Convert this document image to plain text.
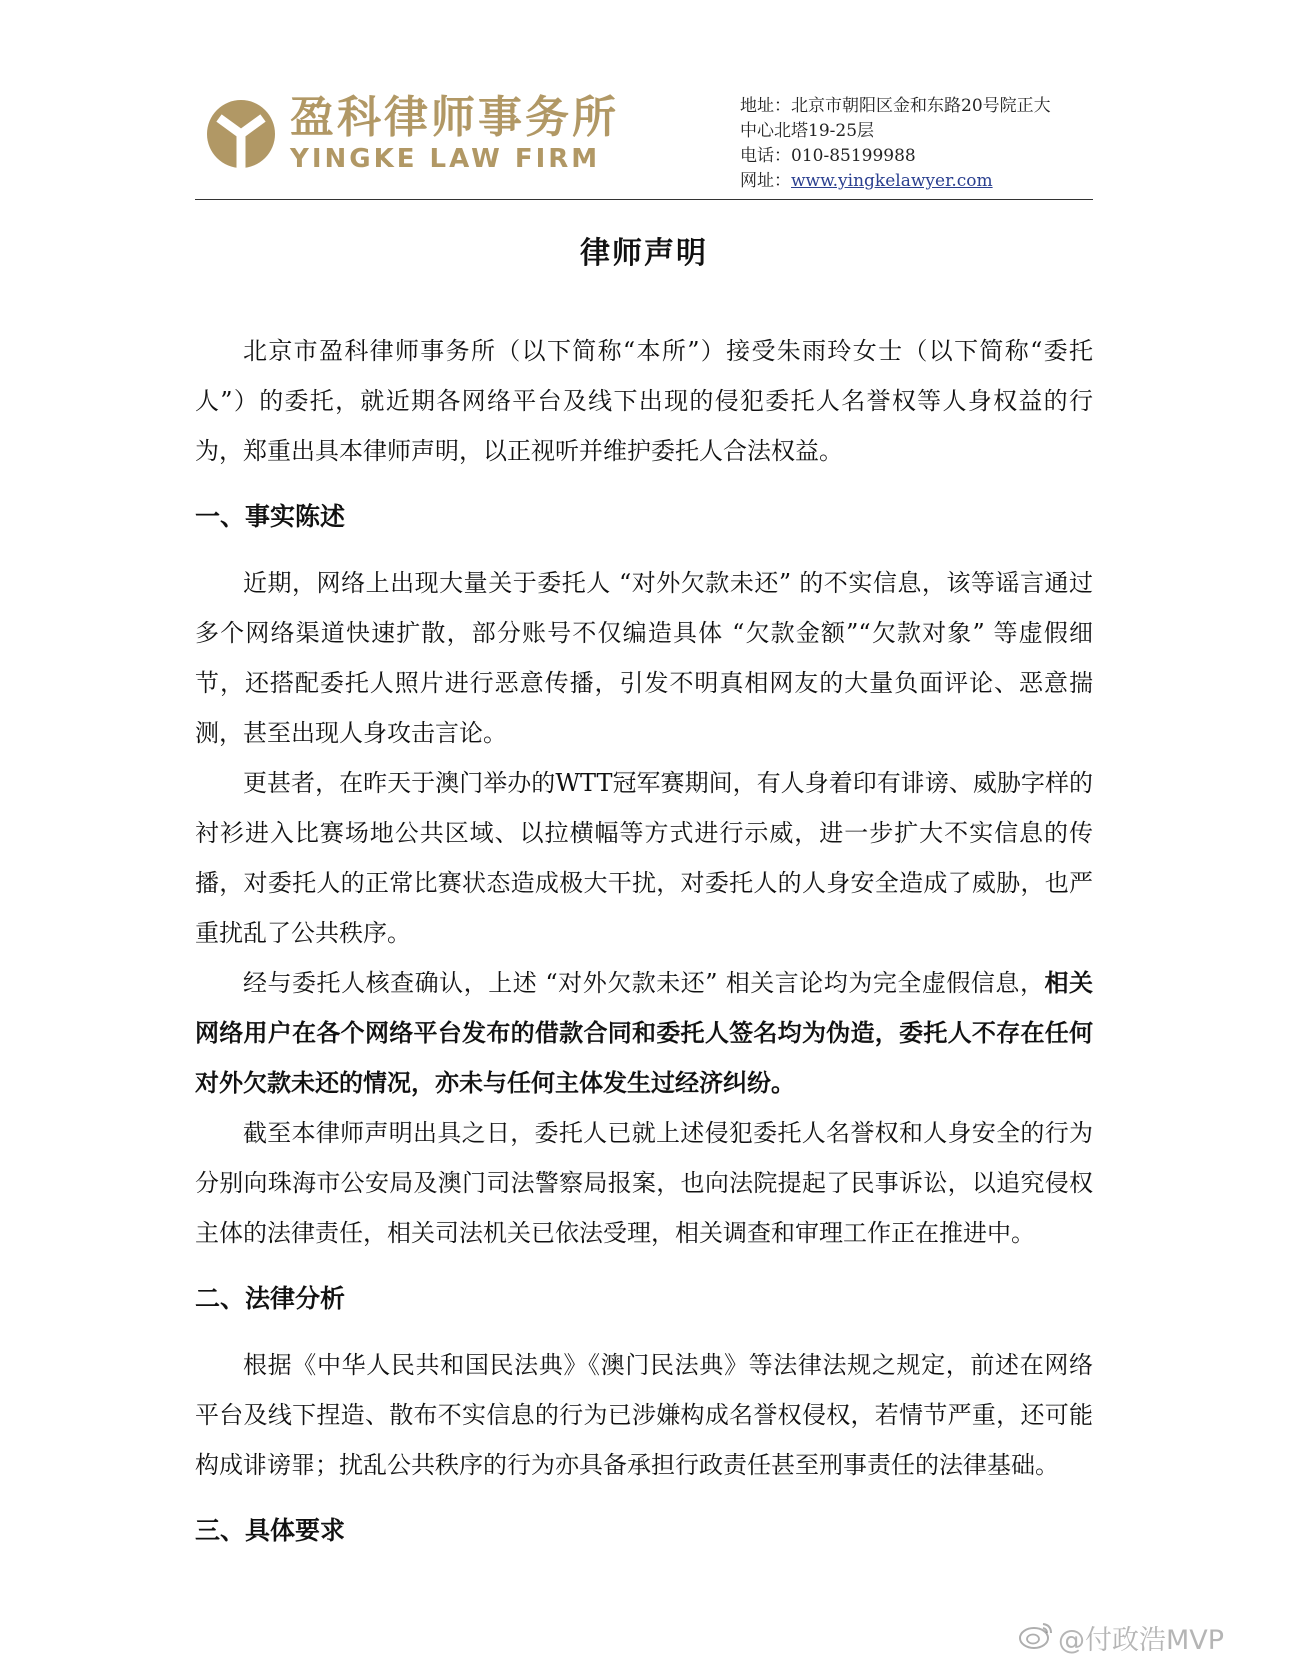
盈科律师事务所
YINGKE LAW FIRM
地址：北京市朝阳区金和东路20号院正大
中心北塔19-25层
电话：010-85199988
网址：www.yingkelawyer.com
律师声明

北京市盈科律师事务所（以下简称“本所”）接受朱雨玲女士（以下简称“委托人”）的委托，就近期各网络平台及线下出现的侵犯委托人名誉权等人身权益的行为，郑重出具本律师声明，以正视听并维护委托人合法权益。

一、事实陈述

近期，网络上出现大量关于委托人 “对外欠款未还” 的不实信息，该等谣言通过多个网络渠道快速扩散，部分账号不仅编造具体 “欠款金额”“欠款对象” 等虚假细节，还搭配委托人照片进行恶意传播，引发不明真相网友的大量负面评论、恶意揣测，甚至出现人身攻击言论。

更甚者，在昨天于澳门举办的WTT冠军赛期间，有人身着印有诽谤、威胁字样的衬衫进入比赛场地公共区域、以拉横幅等方式进行示威，进一步扩大不实信息的传播，对委托人的正常比赛状态造成极大干扰，对委托人的人身安全造成了威胁，也严重扰乱了公共秩序。

经与委托人核查确认，上述 “对外欠款未还” 相关言论均为完全虚假信息，相关网络用户在各个网络平台发布的借款合同和委托人签名均为伪造，委托人不存在任何对外欠款未还的情况，亦未与任何主体发生过经济纠纷。

截至本律师声明出具之日，委托人已就上述侵犯委托人名誉权和人身安全的行为分别向珠海市公安局及澳门司法警察局报案，也向法院提起了民事诉讼，以追究侵权主体的法律责任，相关司法机关已依法受理，相关调查和审理工作正在推进中。

二、法律分析

根据《中华人民共和国民法典》《澳门民法典》等法律法规之规定，前述在网络平台及线下捏造、散布不实信息的行为已涉嫌构成名誉权侵权，若情节严重，还可能构成诽谤罪；扰乱公共秩序的行为亦具备承担行政责任甚至刑事责任的法律基础。

三、具体要求

@付政浩MVP
